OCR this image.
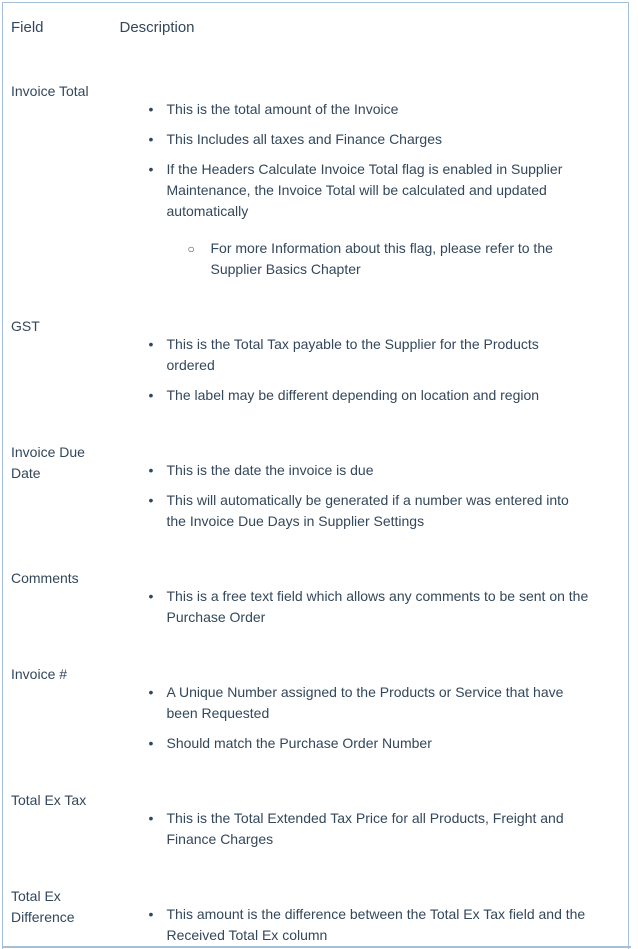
Field	Description
Invoice Total	
• This is the total amount of the Invoice
• This Includes all taxes and Finance Charges
• If the Headers Calculate Invoice Total flag is enabled in Supplier Maintenance, the Invoice Total will be calculated and updated automatically
○ For more Information about this flag, please refer to the Supplier Basics Chapter

GST	
• This is the Total Tax payable to the Supplier for the Products ordered
• The label may be different depending on location and region

Invoice Due Date	
•This is the date the invoice is due
• This will automatically be generated if a number was entered into the Invoice Due Days in Supplier Settings

Comments	
• This is a free text field which allows any comments to be sent on the Purchase Order

Invoice #	
• A Unique Number assigned to the Products or Service that have been Requested
• Should match the Purchase Order Number

Total Ex Tax	
• This is the Total Extended Tax Price for all Products, Freight and Finance Charges

Total Ex Difference	
•This amount is the difference between the Total Ex Tax field and the Received Total Ex column
